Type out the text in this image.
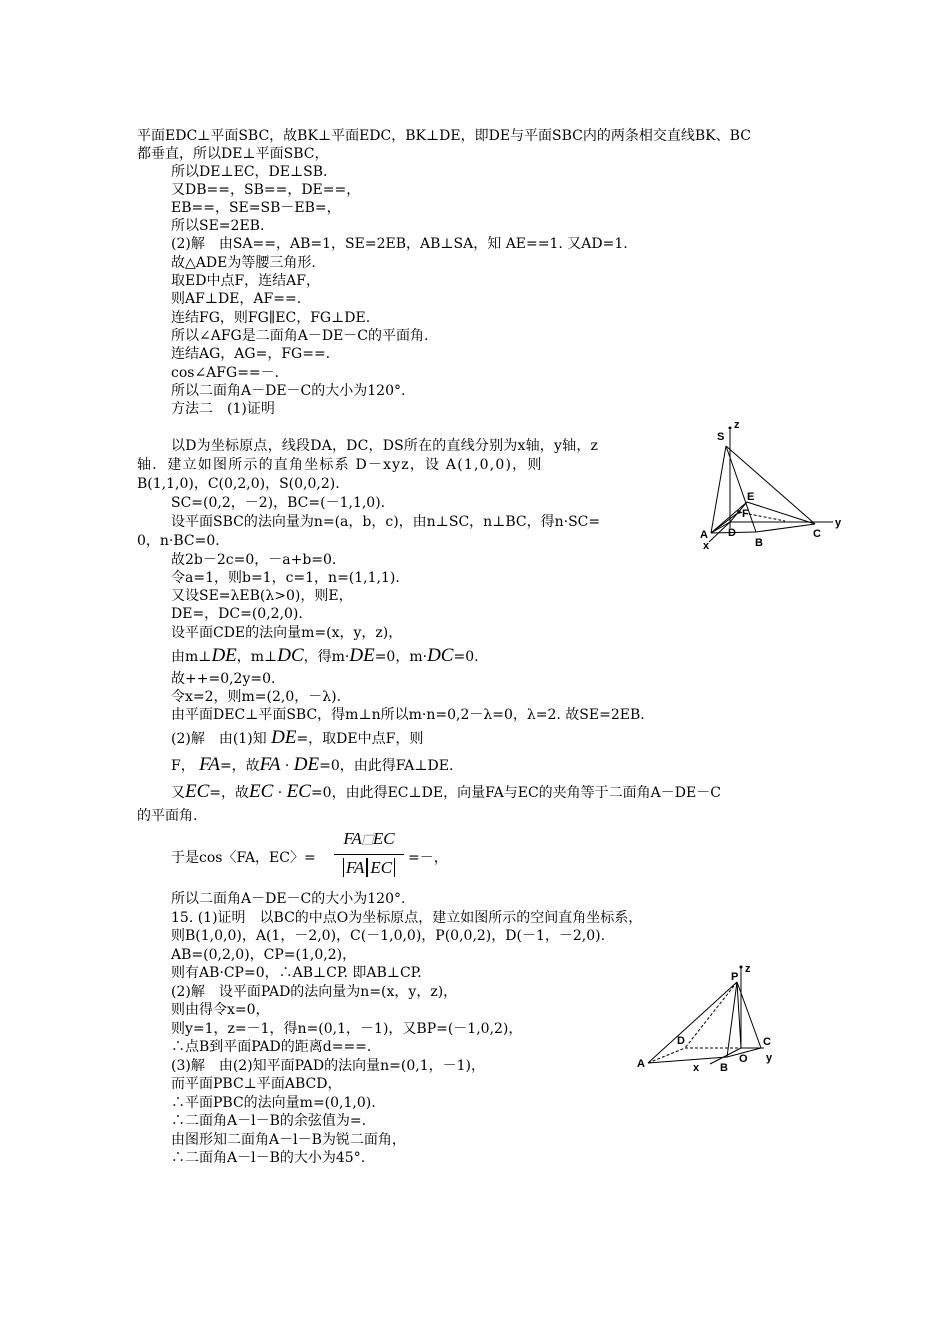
平面EDC⊥平面SBC，故BK⊥平面EDC，BK⊥DE，即DE与平面SBC内的两条相交直线BK、BC
都垂直，所以DE⊥平面SBC，
所以DE⊥EC，DE⊥SB.
又DB==，SB==，DE==，
EB==，SE=SB－EB=，
所以SE=2EB.
(2)解　由SA==，AB=1，SE=2EB，AB⊥SA，知 AE==1. 又AD=1.
故△ADE为等腰三角形.
取ED中点F，连结AF，
则AF⊥DE，AF==.
连结FG，则FG∥EC，FG⊥DE.
所以∠AFG是二面角A－DE－C的平面角.
连结AG，AG=，FG==.
cos∠AFG==－.
所以二面角A－DE－C的大小为120°.
方法二　(1)证明
以D为坐标原点，线段DA，DC，DS所在的直线分别为x轴，y轴，z
轴．建立如图所示的直角坐标系 D－xyz，设 A(1,0,0)，则
B(1,1,0)，C(0,2,0)，S(0,0,2).
SC=(0,2，－2)，BC=(－1,1,0).
设平面SBC的法向量为n=(a，b，c)，由n⊥SC，n⊥BC，得n·SC=
0，n·BC=0.
故2b－2c=0，－a+b=0.
令a=1，则b=1，c=1，n=(1,1,1).
又设SE=λEB(λ>0)，则E，
DE=，DC=(0,2,0).
设平面CDE的法向量m=(x，y，z)，
由m⊥DE，m⊥DC，得m·DE=0，m·DC=0.
故++=0,2y=0.
令x=2，则m=(2,0，－λ).
由平面DEC⊥平面SBC，得m⊥n所以m·n=0,2－λ=0，λ=2. 故SE=2EB.
(2)解　由(1)知 DE=，取DE中点F，则
F， FA=，故FA · DE=0，由此得FA⊥DE.
又EC=，故EC · EC=0，由此得EC⊥DE，向量FA与EC的夹角等于二面角A－DE－C
的平面角.
于是cos〈FA，EC〉=
FA⃞EC
FA EC	=－，
所以二面角A－DE－C的大小为120°.
15. (1)证明　以BC的中点O为坐标原点，建立如图所示的空间直角坐标系，
则B(1,0,0)，A(1，－2,0)，C(－1,0,0)，P(0,0,2)，D(－1，－2,0).
AB=(0,2,0)，CP=(1,0,2)，
则有AB·CP=0，∴AB⊥CP. 即AB⊥CP.
(2)解　设平面PAD的法向量为n=(x，y，z)，
则由得令x=0，
则y=1，z=－1，得n=(0,1，－1)，又BP=(－1,0,2)，
∴点B到平面PAD的距离d===.
(3)解　由(2)知平面PAD的法向量n=(0,1，－1)，
而平面PBC⊥平面ABCD，
∴平面PBC的法向量m=(0,1,0).
∴二面角A－l－B的余弦值为=.
由图形知二面角A－l－B为锐二面角，
∴二面角A－l－B的大小为45°.
S
z
E
F
A D
B
C
y
x
z
P
D	C
A	x B
O y
